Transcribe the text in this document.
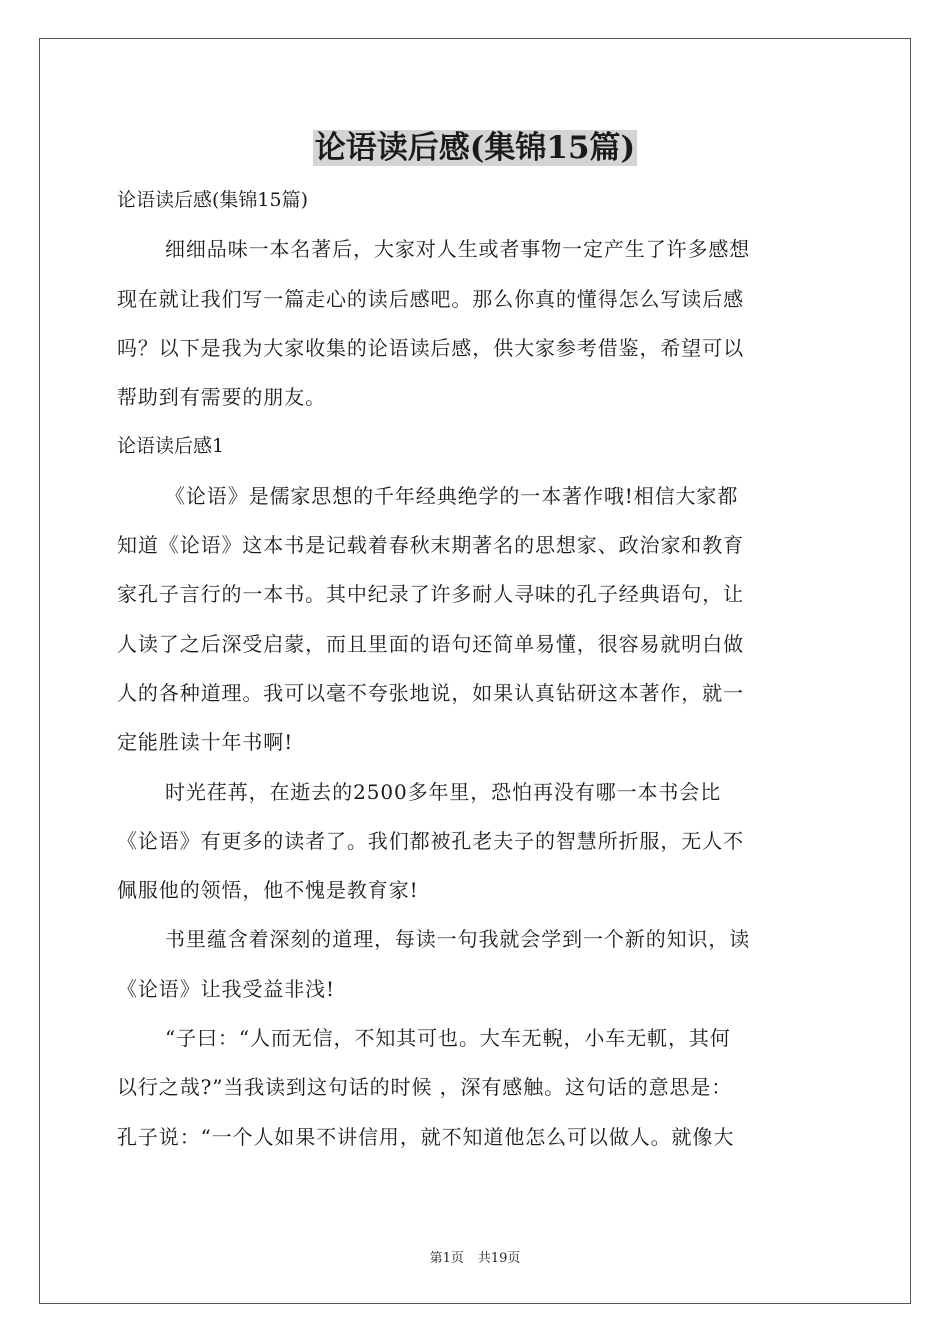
论语读后感(集锦15篇)
论语读后感(集锦15篇)
细细品味一本名著后，大家对人生或者事物一定产生了许多感想
现在就让我们写一篇走心的读后感吧。那么你真的懂得怎么写读后感
吗？以下是我为大家收集的论语读后感，供大家参考借鉴，希望可以
帮助到有需要的朋友。
论语读后感1
《论语》是儒家思想的千年经典绝学的一本著作哦!相信大家都
知道《论语》这本书是记载着春秋末期著名的思想家、政治家和教育
家孔子言行的一本书。其中纪录了许多耐人寻味的孔子经典语句，让
人读了之后深受启蒙，而且里面的语句还简单易懂，很容易就明白做
人的各种道理。我可以毫不夸张地说，如果认真钻研这本著作，就一
定能胜读十年书啊!
时光荏苒，在逝去的2500多年里，恐怕再没有哪一本书会比
《论语》有更多的读者了。我们都被孔老夫子的智慧所折服，无人不
佩服他的领悟，他不愧是教育家!
书里蕴含着深刻的道理，每读一句我就会学到一个新的知识，读
《论语》让我受益非浅!
“子曰：“人而无信，不知其可也。大车无輗，小车无軏，其何
以行之哉?”当我读到这句话的时候 ，深有感触。这句话的意思是：
孔子说：“一个人如果不讲信用，就不知道他怎么可以做人。就像大

第1页 共19页
